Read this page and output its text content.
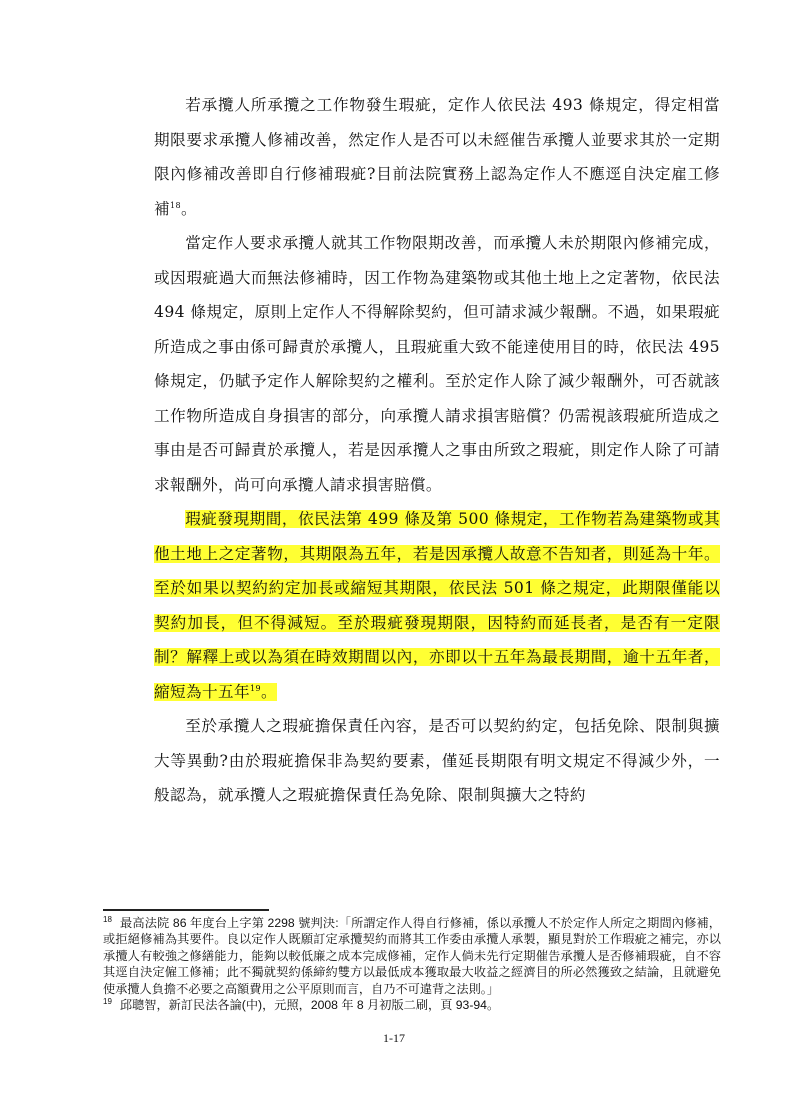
若承攬人所承攬之工作物發生瑕疵，定作人依民法 493 條規定，得定相當期限要求承攬人修補改善，然定作人是否可以未經催告承攬人並要求其於一定期限內修補改善即自行修補瑕疵?目前法院實務上認為定作人不應逕自決定雇工修補$^{18}$。

當定作人要求承攬人就其工作物限期改善，而承攬人未於期限內修補完成，或因瑕疵過大而無法修補時，因工作物為建築物或其他土地上之定著物，依民法 494 條規定，原則上定作人不得解除契約，但可請求減少報酬。不過，如果瑕疵所造成之事由係可歸責於承攬人，且瑕疵重大致不能達使用目的時，依民法 495 條規定，仍賦予定作人解除契約之權利。至於定作人除了減少報酬外，可否就該工作物所造成自身損害的部分，向承攬人請求損害賠償？仍需視該瑕疵所造成之事由是否可歸責於承攬人，若是因承攬人之事由所致之瑕疵，則定作人除了可請求報酬外，尚可向承攬人請求損害賠償。

瑕疵發現期間，依民法第 499 條及第 500 條規定，工作物若為建築物或其他土地上之定著物，其期限為五年，若是因承攬人故意不告知者，則延為十年。至於如果以契約約定加長或縮短其期限，依民法 501 條之規定，此期限僅能以契約加長，但不得減短。至於瑕疵發現期限，因特約而延長者，是否有一定限制？解釋上或以為須在時效期間以內，亦即以十五年為最長期間，逾十五年者，縮短為十五年$^{19}$。

至於承攬人之瑕疵擔保責任內容，是否可以契約約定，包括免除、限制與擴大等異動?由於瑕疵擔保非為契約要素，僅延長期限有明文規定不得減少外，一般認為，就承攬人之瑕疵擔保責任為免除、限制與擴大之特約

$^{18}$ 最高法院 86 年度台上字第 2298 號判決:「所謂定作人得自行修補，係以承攬人不於定作人所定之期間內修補，或拒絕修補為其要件。良以定作人既願訂定承攬契約而將其工作委由承攬人承製，顯見對於工作瑕疵之補完，亦以承攬人有較強之修繕能力，能夠以較低廉之成本完成修補，定作人倘未先行定期催告承攬人是否修補瑕疵，自不容其逕自決定僱工修補；此不獨就契約係締約雙方以最低成本獲取最大收益之經濟目的所必然獲致之結論，且就避免使承攬人負擔不必要之高額費用之公平原則而言，自乃不可違背之法則。」

$^{19}$ 邱聰智，新訂民法各論(中)，元照，2008 年 8 月初版二刷，頁 93-94。

1-17
